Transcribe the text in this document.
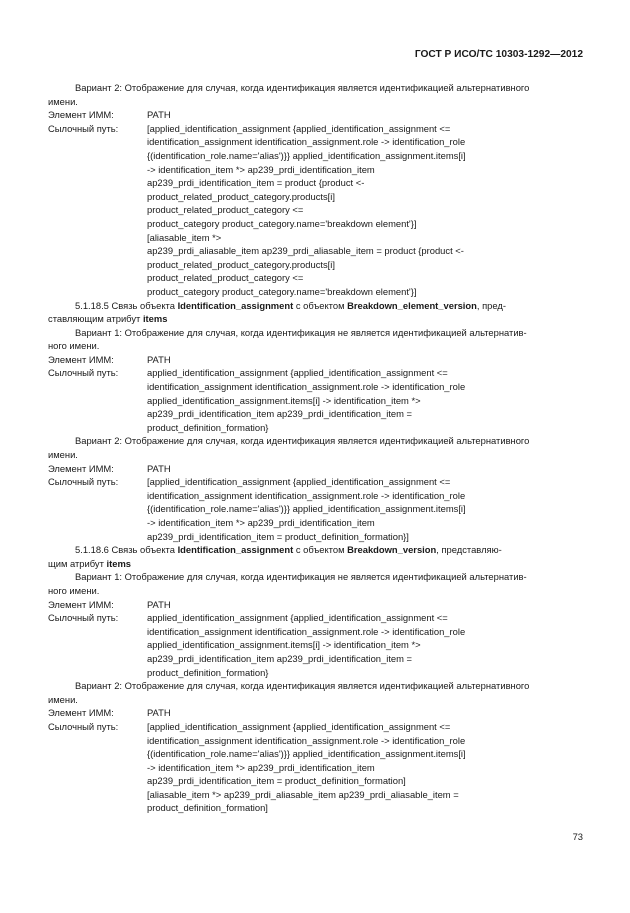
ГОСТ Р ИСО/ТС 10303-1292—2012
Вариант 2: Отображение для случая, когда идентификация является идентификацией альтернативного
имени.
Элемент ИММ:	PATH
Сылочный путь:	[applied_identification_assignment {applied_identification_assignment <=
identification_assignment identification_assignment.role -> identification_role
{(identification_role.name='alias')}} applied_identification_assignment.items[i]
-> identification_item *> ap239_prdi_identification_item
ap239_prdi_identification_item = product {product <-
product_related_product_category.products[i]
product_related_product_category <=
product_category product_category.name='breakdown element'}]
[aliasable_item *>
ap239_prdi_aliasable_item ap239_prdi_aliasable_item = product {product <-
product_related_product_category.products[i]
product_related_product_category <=
product_category product_category.name='breakdown element'}]
5.1.18.5 Связь объекта Identification_assignment с объектом Breakdown_element_version, пред-
ставляющим атрибут items
Вариант 1: Отображение для случая, когда идентификация не является идентификацией альтернатив-
ного имени.
Элемент ИММ:	PATH
Сылочный путь:	applied_identification_assignment {applied_identification_assignment <=
identification_assignment identification_assignment.role -> identification_role
applied_identification_assignment.items[i] -> identification_item *>
ap239_prdi_identification_item ap239_prdi_identification_item =
product_definition_formation}
Вариант 2: Отображение для случая, когда идентификация является идентификацией альтернативного
имени.
Элемент ИММ:	PATH
Сылочный путь:	[applied_identification_assignment {applied_identification_assignment <=
identification_assignment identification_assignment.role -> identification_role
{(identification_role.name='alias')}} applied_identification_assignment.items[i]
-> identification_item *> ap239_prdi_identification_item
ap239_prdi_identification_item = product_definition_formation}]
5.1.18.6 Связь объекта Identification_assignment с объектом Breakdown_version, представляю-
щим атрибут items
Вариант 1: Отображение для случая, когда идентификация не является идентификацией альтернатив-
ного имени.
Элемент ИММ:	PATH
Сылочный путь:	applied_identification_assignment {applied_identification_assignment <=
identification_assignment identification_assignment.role -> identification_role
applied_identification_assignment.items[i] -> identification_item *>
ap239_prdi_identification_item ap239_prdi_identification_item =
product_definition_formation}
Вариант 2: Отображение для случая, когда идентификация является идентификацией альтернативного
имени.
Элемент ИММ:	PATH
Сылочный путь:	[applied_identification_assignment {applied_identification_assignment <=
identification_assignment identification_assignment.role -> identification_role
{(identification_role.name='alias')}} applied_identification_assignment.items[i]
-> identification_item *> ap239_prdi_identification_item
ap239_prdi_identification_item = product_definition_formation]
[aliasable_item *> ap239_prdi_aliasable_item ap239_prdi_aliasable_item =
product_definition_formation]
73
